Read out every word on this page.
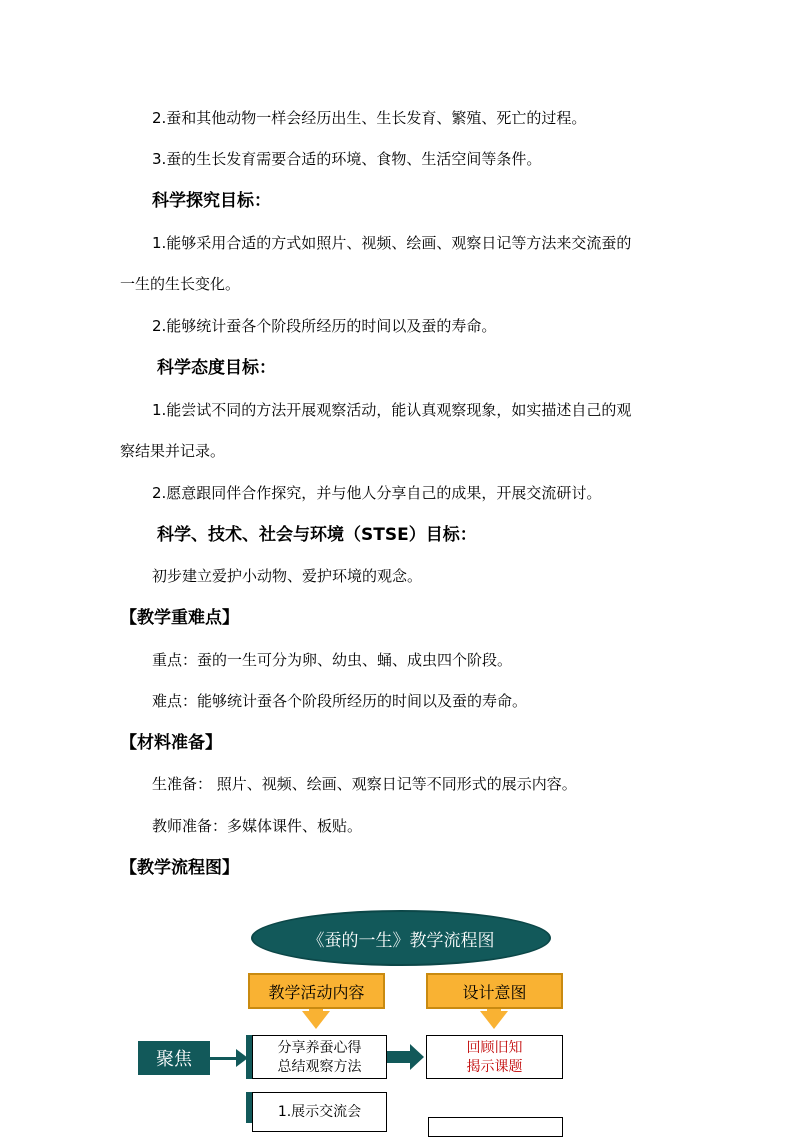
2.蚕和其他动物一样会经历出生、生长发育、繁殖、死亡的过程。
3.蚕的生长发育需要合适的环境、食物、生活空间等条件。
科学探究目标：
1.能够采用合适的方式如照片、视频、绘画、观察日记等方法来交流蚕的
一生的生长变化。
2.能够统计蚕各个阶段所经历的时间以及蚕的寿命。
科学态度目标：
1.能尝试不同的方法开展观察活动，能认真观察现象，如实描述自己的观
察结果并记录。
2.愿意跟同伴合作探究，并与他人分享自己的成果，开展交流研讨。
科学、技术、社会与环境（STSE）目标：
初步建立爱护小动物、爱护环境的观念。
【教学重难点】
重点：蚕的一生可分为卵、幼虫、蛹、成虫四个阶段。
难点：能够统计蚕各个阶段所经历的时间以及蚕的寿命。
【材料准备】
生准备： 照片、视频、绘画、观察日记等不同形式的展示内容。
教师准备：多媒体课件、板贴。
【教学流程图】
《蚕的一生》教学流程图
教学活动内容	设计意图
聚焦
分享养蚕心得
总结观察方法
回顾旧知
揭示课题
1.展示交流会
